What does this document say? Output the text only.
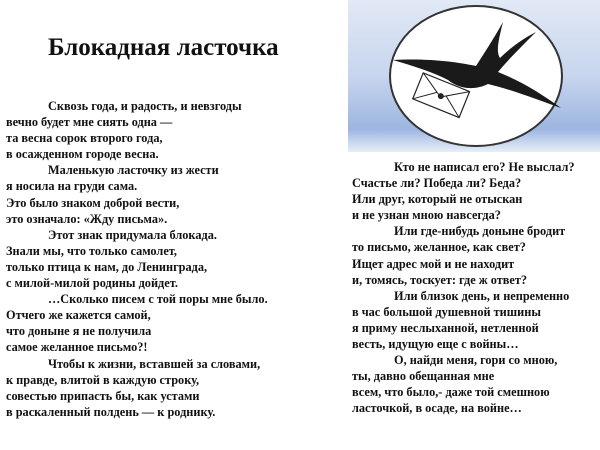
Блокадная ласточка
Сквозь года, и радость, и невзгоды
вечно будет мне сиять одна —
та весна сорок второго года,
в осажденном городе весна.
Маленькую ласточку из жести
я носила на груди сама.
Это было знаком доброй вести,
это означало: «Жду письма».
Этот знак придумала блокада.
Знали мы, что только самолет,
только птица к нам, до Ленинграда,
с милой-милой родины дойдет.
…Сколько писем с той поры мне было.
Отчего же кажется самой,
что доныне я не получила
самое желанное письмо?!
Чтобы к жизни, вставшей за словами,
к правде, влитой в каждую строку,
совестью припасть бы, как устами
в раскаленный полдень — к роднику.
Кто не написал его? Не выслал?
Счастье ли? Победа ли? Беда?
Или друг, который не отыскан
и не узнан мною навсегда?
Или где-нибудь доныне бродит
то письмо, желанное, как свет?
Ищет адрес мой и не находит
и, томясь, тоскует: где ж ответ?
Или близок день, и непременно
в час большой душевной тишины
я приму неслыханной, нетленной
весть, идущую еще с войны…
О, найди меня, гори со мною,
ты, давно обещанная мне
всем, что было,- даже той смешною
ласточкой, в осаде, на войне…
